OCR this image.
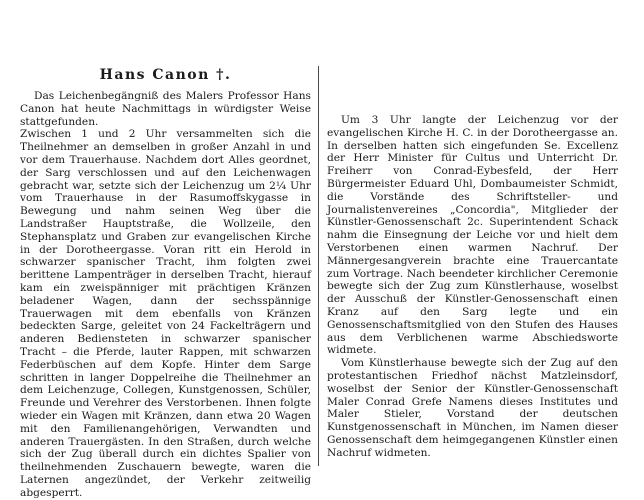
Hans Canon †.

Das Leichenbegängniß des Malers Professor Hans Canon hat heute Nachmittags in würdigster Weise stattgefunden.

Zwischen 1 und 2 Uhr versammelten sich die Theilnehmer an demselben in großer Anzahl in und vor dem Trauerhause. Nachdem dort Alles geordnet, der Sarg verschlossen und auf den Leichenwagen gebracht war, setzte sich der Leichenzug um 2¼ Uhr vom Trauerhause in der Rasumoffskygasse in Bewegung und nahm seinen Weg über die Landstraßer Hauptstraße, die Wollzeile, den Stephansplatz und Graben zur evangelischen Kirche in der Dorotheergasse. Voran ritt ein Herold in schwarzer spanischer Tracht, ihm folgten zwei berittene Lampenträger in derselben Tracht, hierauf kam ein zweispänniger mit prächtigen Kränzen beladener Wagen, dann der sechsspännige Trauerwagen mit dem ebenfalls von Kränzen bedeckten Sarge, geleitet von 24 Fackelträgern und anderen Bediensteten in schwarzer spanischer Tracht – die Pferde, lauter Rappen, mit schwarzen Federbüschen auf dem Kopfe. Hinter dem Sarge schritten in langer Doppelreihe die Theilnehmer an dem Leichenzuge, Collegen, Kunstgenossen, Schüler, Freunde und Verehrer des Verstorbenen. Ihnen folgte wieder ein Wagen mit Kränzen, dann etwa 20 Wagen mit den Familienangehörigen, Verwandten und anderen Trauergästen. In den Straßen, durch welche sich der Zug überall durch ein dichtes Spalier von theilnehmenden Zuschauern bewegte, waren die Laternen angezündet, der Verkehr zeitweilig abgesperrt.

Um 3 Uhr langte der Leichenzug vor der evangelischen Kirche H. C. in der Dorotheergasse an. In derselben hatten sich eingefunden Se. Excellenz der Herr Minister für Cultus und Unterricht Dr. Freiherr von Conrad-Eybesfeld, der Herr Bürgermeister Eduard Uhl, Dombaumeister Schmidt, die Vorstände des Schriftsteller- und Journalistenvereines „Concordia", Mitglieder der Künstler-Genossenschaft 2c. Superintendent Schack nahm die Einsegnung der Leiche vor und hielt dem Verstorbenen einen warmen Nachruf. Der Männergesangverein brachte eine Trauercantate zum Vortrage. Nach beendeter kirchlicher Ceremonie bewegte sich der Zug zum Künstlerhause, woselbst der Ausschuß der Künstler-Genossenschaft einen Kranz auf den Sarg legte und ein Genossenschaftsmitglied von den Stufen des Hauses aus dem Verblichenen warme Abschiedsworte widmete.

Vom Künstlerhause bewegte sich der Zug auf den protestantischen Friedhof nächst Matzleinsdorf, woselbst der Senior der Künstler-Genossenschaft Maler Conrad Grefe Namens dieses Institutes und Maler Stieler, Vorstand der deutschen Kunstgenossenschaft in München, im Namen dieser Genossenschaft dem heimgegangenen Künstler einen Nachruf widmeten.
